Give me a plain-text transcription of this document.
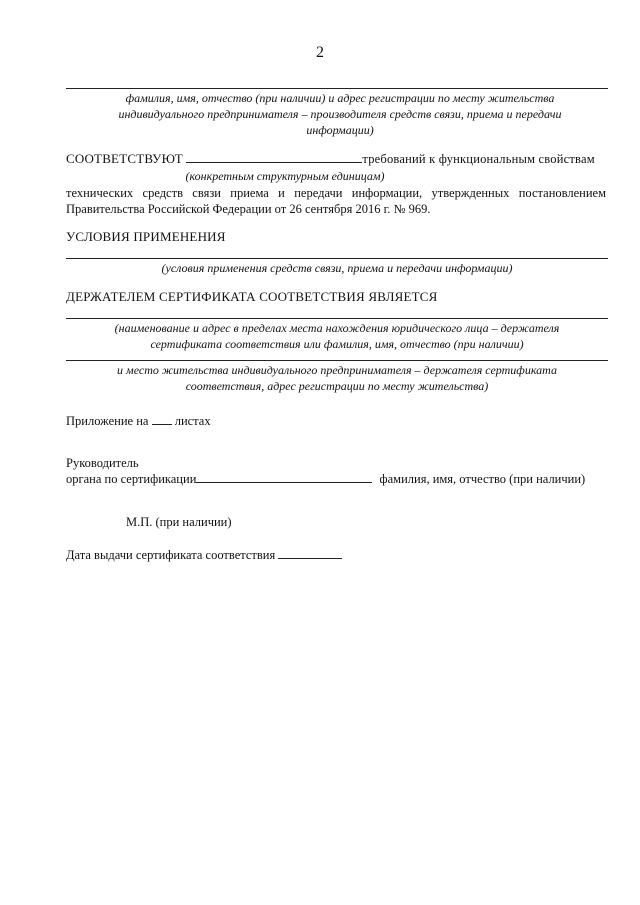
2
фамилия, имя, отчество (при наличии) и адрес регистрации по месту жительства индивидуального предпринимателя – производителя средств связи, приема и передачи информации)
СООТВЕТСТВУЮТ	требований к функциональным свойствам
(конкретным структурным единицам)
технических средств связи приема и передачи информации, утвержденных постановлением Правительства Российской Федерации от 26 сентября 2016 г. № 969.
УСЛОВИЯ ПРИМЕНЕНИЯ
(условия применения средств связи, приема и передачи информации)
ДЕРЖАТЕЛЕМ СЕРТИФИКАТА СООТВЕТСТВИЯ ЯВЛЯЕТСЯ
(наименование и адрес в пределах места нахождения юридического лица – держателя сертификата соответствия или фамилия, имя, отчество (при наличии)
и место жительства индивидуального предпринимателя – держателя сертификата соответствия, адрес регистрации по месту жительства)
Приложение на листах
Руководитель
органа по сертификации	фамилия, имя, отчество (при наличии)
М.П. (при наличии)
Дата выдачи сертификата соответствия
